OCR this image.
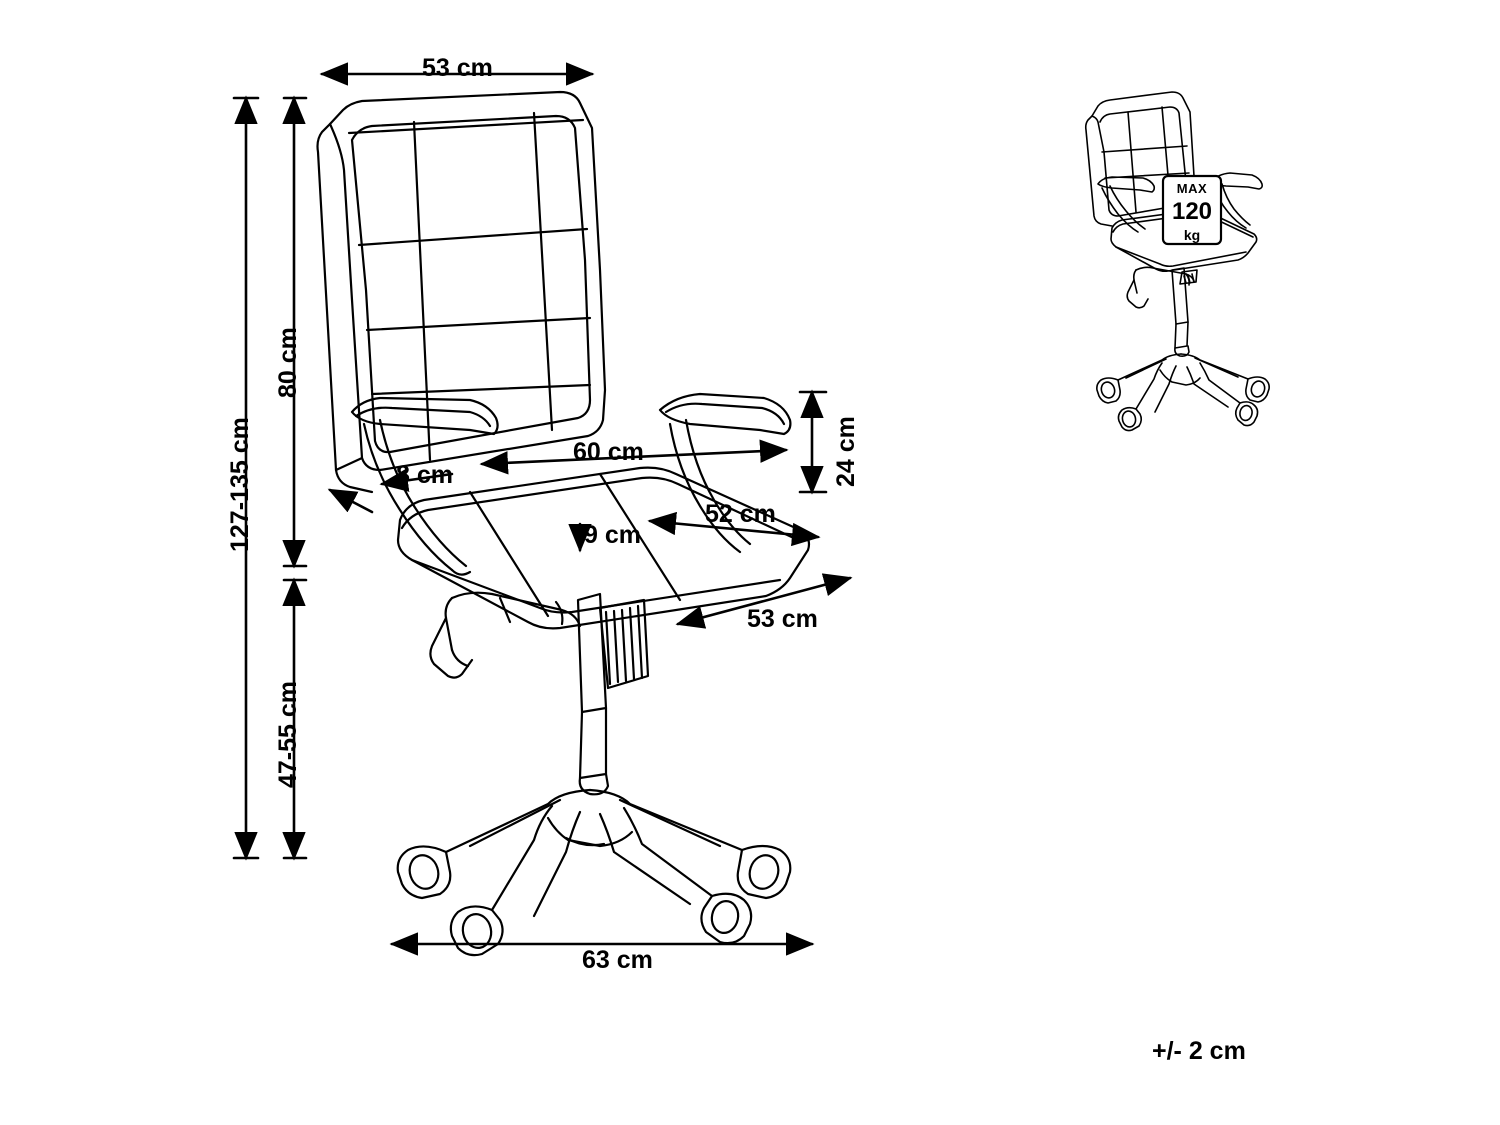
53 cm
127-135 cm
80 cm
47-55 cm
60 cm
8 cm	24 cm
52 cm
9 cm
53 cm
63 cm
MAX
120
kg
+/- 2 cm
